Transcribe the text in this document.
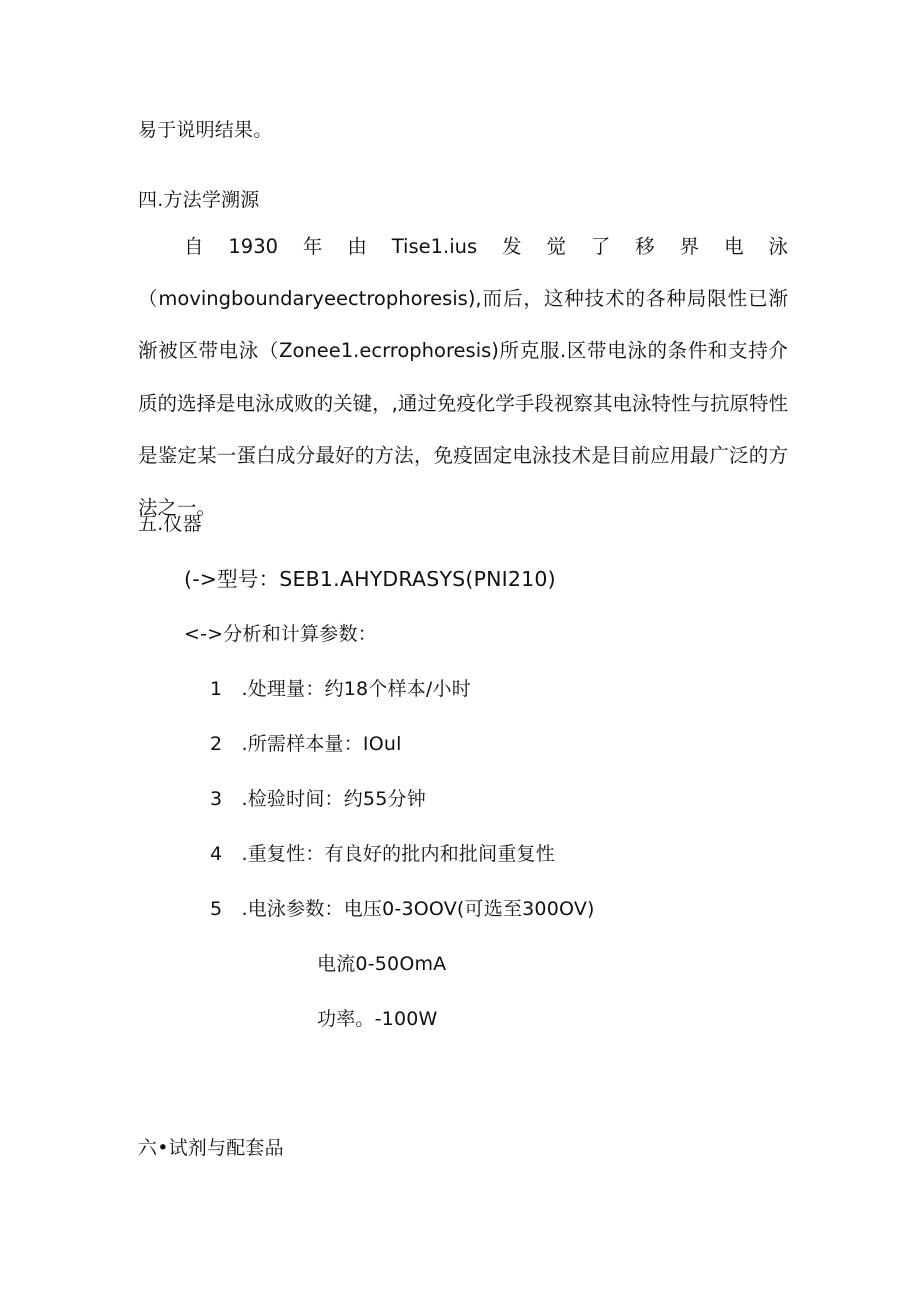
易于说明结果。
四.方法学溯源

自1930年由Tise1.ius发觉了移界电泳（movingboundaryeectrophoresis),而后，这种技术的各种局限性已渐渐被区带电泳（Zonee1.ecrrophoresis)所克服.区带电泳的条件和支持介质的选择是电泳成败的关键，,通过免疫化学手段视察其电泳特性与抗原特性是鉴定某一蛋白成分最好的方法，免疫固定电泳技术是目前应用最广泛的方法之一。

五.仪器
(->型号：SEB1.AHYDRASYS(PNI210)
<->分析和计算参数：
1　.处理量：约18个样本/小时
2　.所需样本量：IOul
3　.检验时间：约55分钟
4　.重复性：有良好的批内和批间重复性
5　.电泳参数：电压0-3OOV(可选至300OV)
电流0-50OmA
功率。-100W
六•试剂与配套品
